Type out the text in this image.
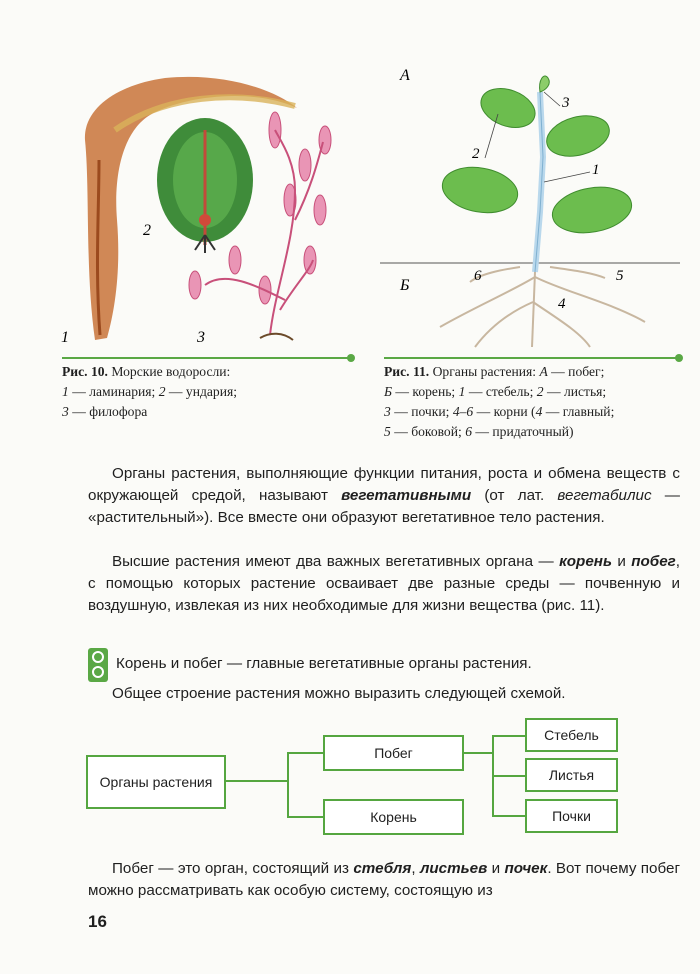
1
2
3
А
Б
1
2
3
4
5
6
Рис. 10. Морские водоросли:
1 — ламинария; 2 — ундария;
3 — филофора
Рис. 11. Органы растения: А — побег;
Б — корень; 1 — стебель; 2 — листья;
3 — почки; 4–6 — корни (4 — главный;
5 — боковой; 6 — придаточный)
Органы растения, выполняющие функции питания, роста и обмена веществ с окружающей средой, называют вегетативными (от лат. вегетабилис — «растительный»). Все вместе они образуют вегетативное тело растения.
Высшие растения имеют два важных вегетативных органа — корень и побег, с помощью которых растение осваивает две разные среды — почвенную и воздушную, извлекая из них необходимые для жизни вещества (рис. 11).
Корень и побег — главные вегетативные органы растения.
Общее строение растения можно выразить следующей схемой.
Органы растения
Побег
Корень
Стебель
Листья
Почки
Побег — это орган, состоящий из стебля, листьев и почек. Вот почему побег можно рассматривать как особую систему, состоящую из
16
